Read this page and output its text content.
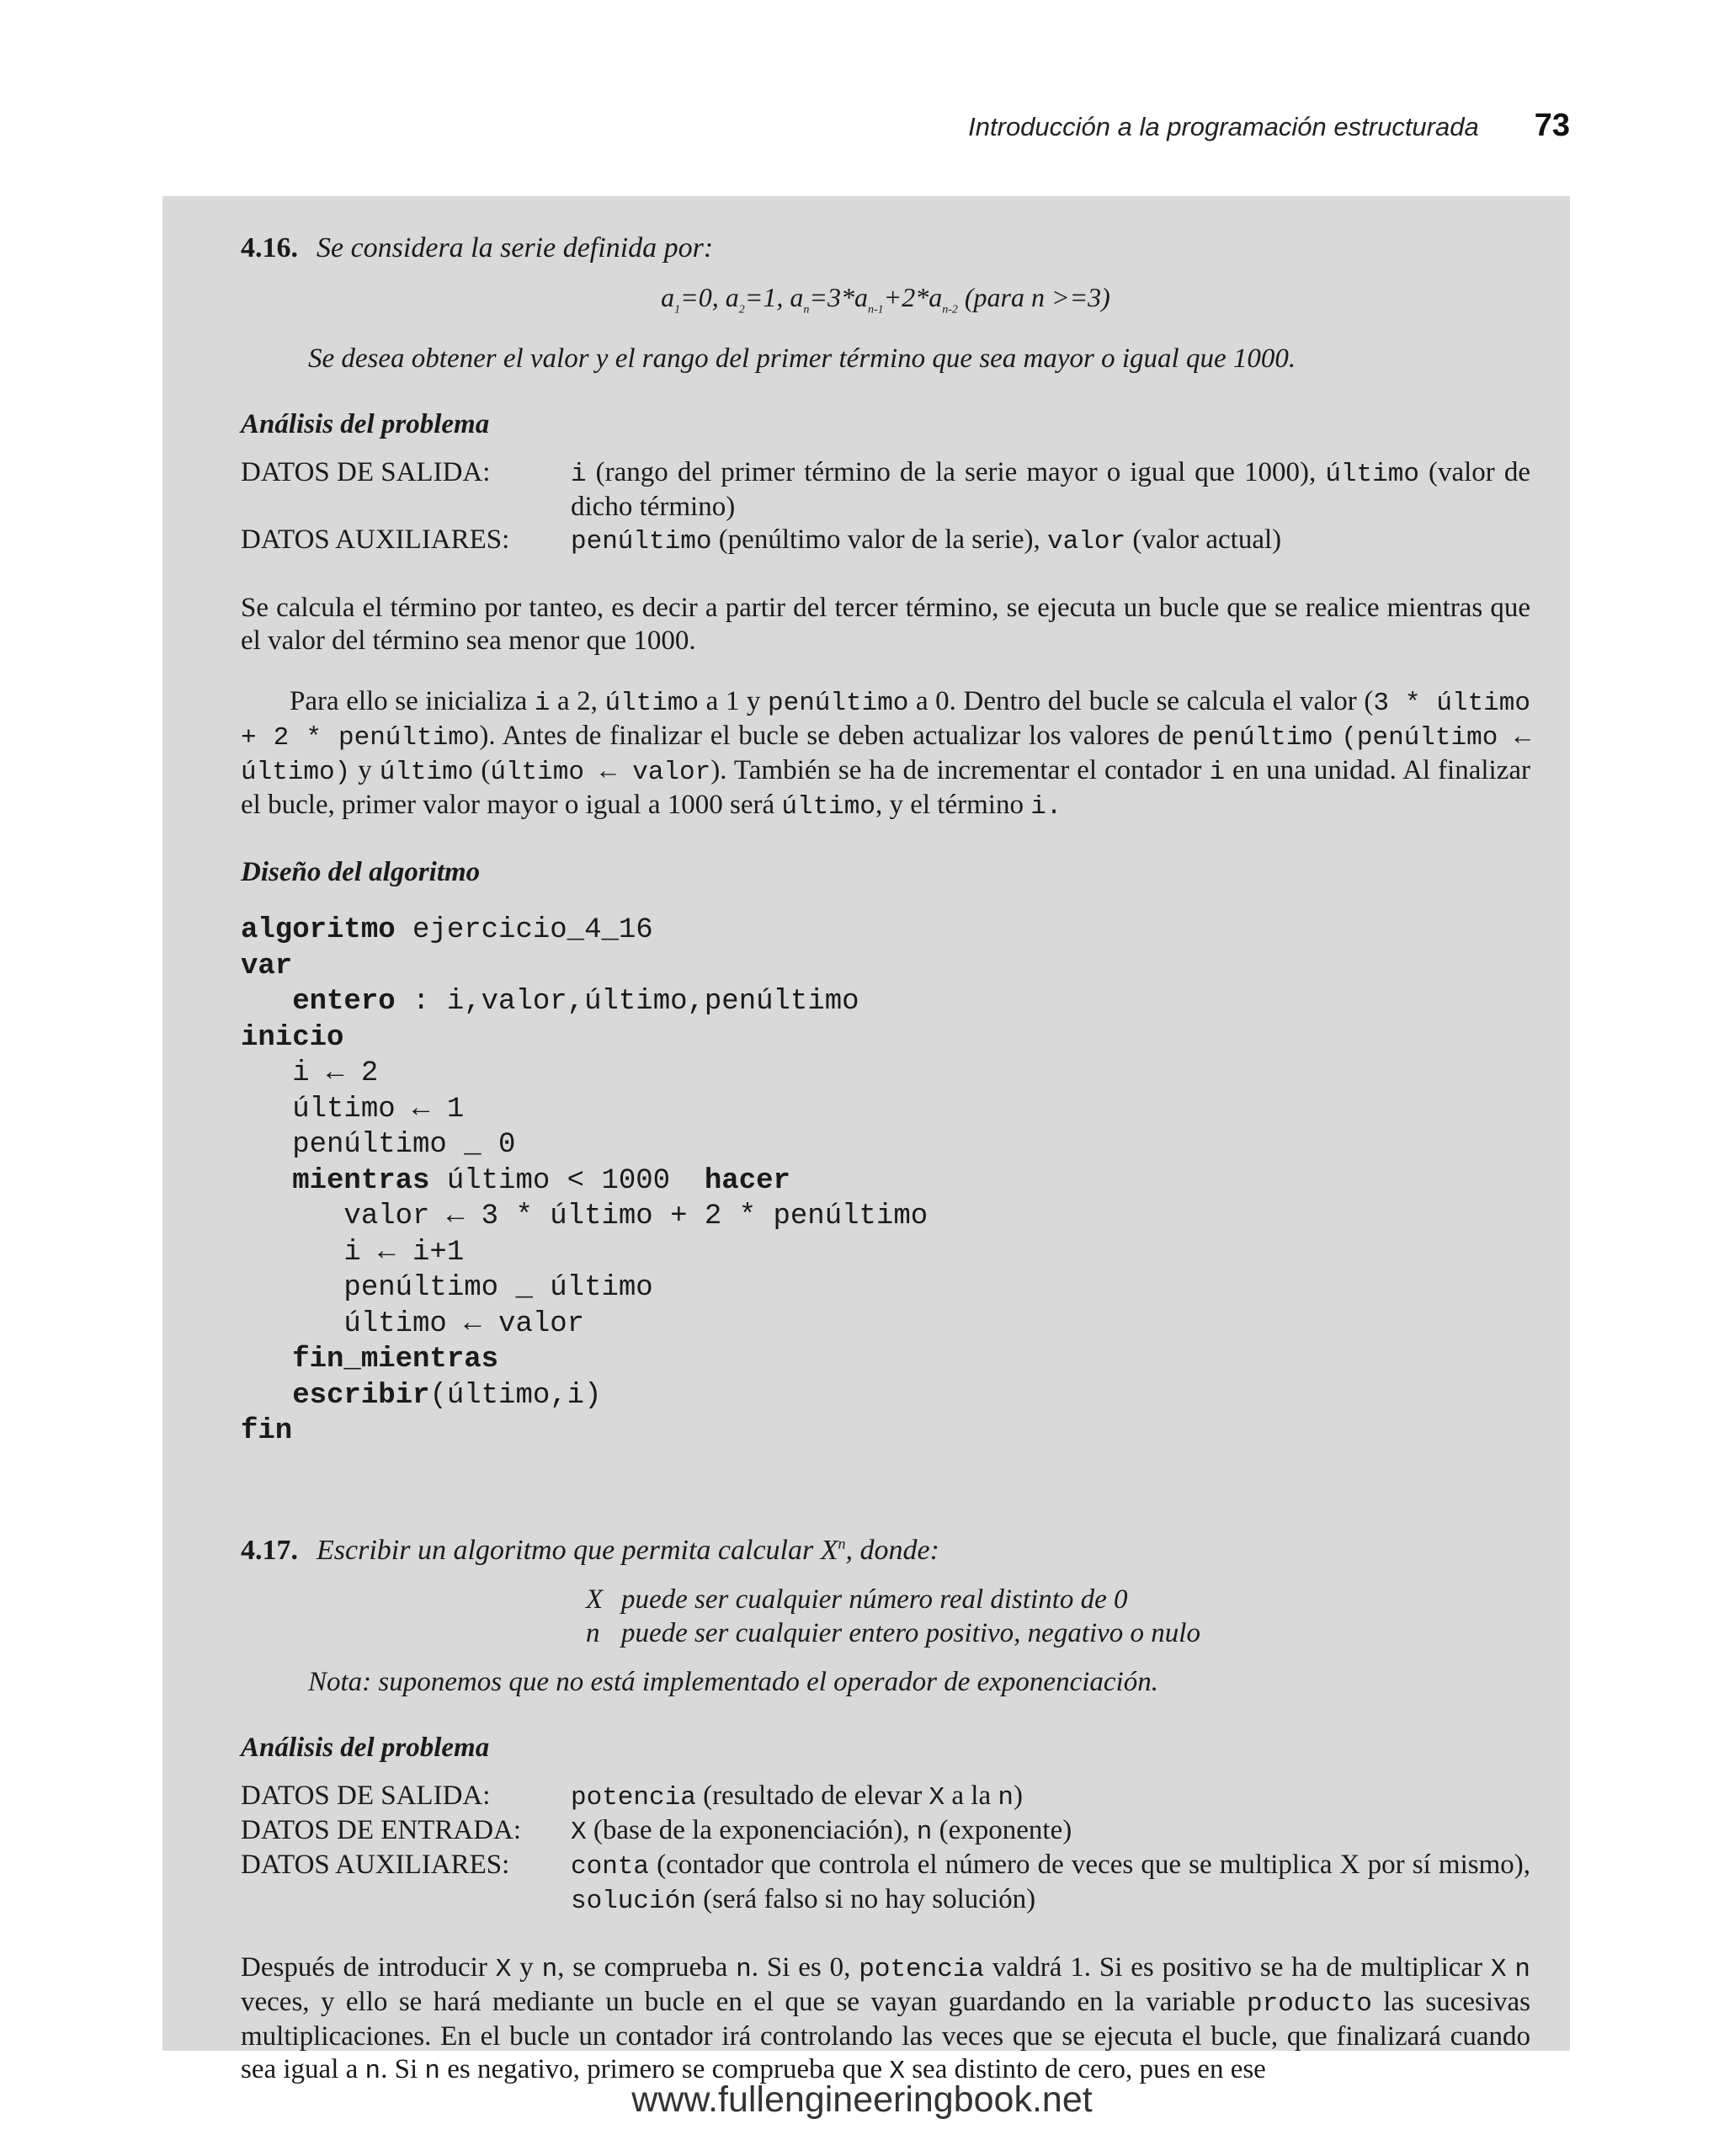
Introducción a la programación estructurada 73
4.16. Se considera la serie definida por:
$a_1=0$, $a_2=1$, $a_n=3*a_{n-1}+2*a_{n-2}$ (para n >=3)
Se desea obtener el valor y el rango del primer término que sea mayor o igual que 1000.
Análisis del problema
DATOS DE SALIDA:	i (rango del primer término de la serie mayor o igual que 1000), último (valor de dicho término)
DATOS AUXILIARES:	penúltimo (penúltimo valor de la serie), valor (valor actual)

Se calcula el término por tanteo, es decir a partir del tercer término, se ejecuta un bucle que se realice mientras que el valor del término sea menor que 1000.

Para ello se inicializa i a 2, último a 1 y penúltimo a 0. Dentro del bucle se calcula el valor (3 * último + 2 * penúltimo). Antes de finalizar el bucle se deben actualizar los valores de penúltimo (penúltimo ← último) y último (último ← valor). También se ha de incrementar el contador i en una unidad. Al finalizar el bucle, primer valor mayor o igual a 1000 será último, y el término i.

Diseño del algoritmo
algoritmo ejercicio_4_16
var
entero : i,valor,último,penúltimo
inicio
i ← 2
último ← 1
penúltimo _ 0
mientras último < 1000  hacer
valor ← 3 * último + 2 * penúltimo
i ← i+1
penúltimo _ último
último ← valor
fin_mientras
escribir(último,i)
fin
4.17. Escribir un algoritmo que permita calcular $X^n$, donde:
X puede ser cualquier número real distinto de 0
n puede ser cualquier entero positivo, negativo o nulo
Nota: suponemos que no está implementado el operador de exponenciación.
Análisis del problema
DATOS DE SALIDA:	potencia (resultado de elevar X a la n)
DATOS DE ENTRADA:	X (base de la exponenciación), n (exponente)
DATOS AUXILIARES:	conta (contador que controla el número de veces que se multiplica X por sí mismo), solución (será falso si no hay solución)

Después de introducir X y n, se comprueba n. Si es 0, potencia valdrá 1. Si es positivo se ha de multiplicar X n veces, y ello se hará mediante un bucle en el que se vayan guardando en la variable producto las sucesivas multiplicaciones. En el bucle un contador irá controlando las veces que se ejecuta el bucle, que finalizará cuando sea igual a n. Si n es negativo, primero se comprueba que X sea distinto de cero, pues en ese

www.fullengineeringbook.net
